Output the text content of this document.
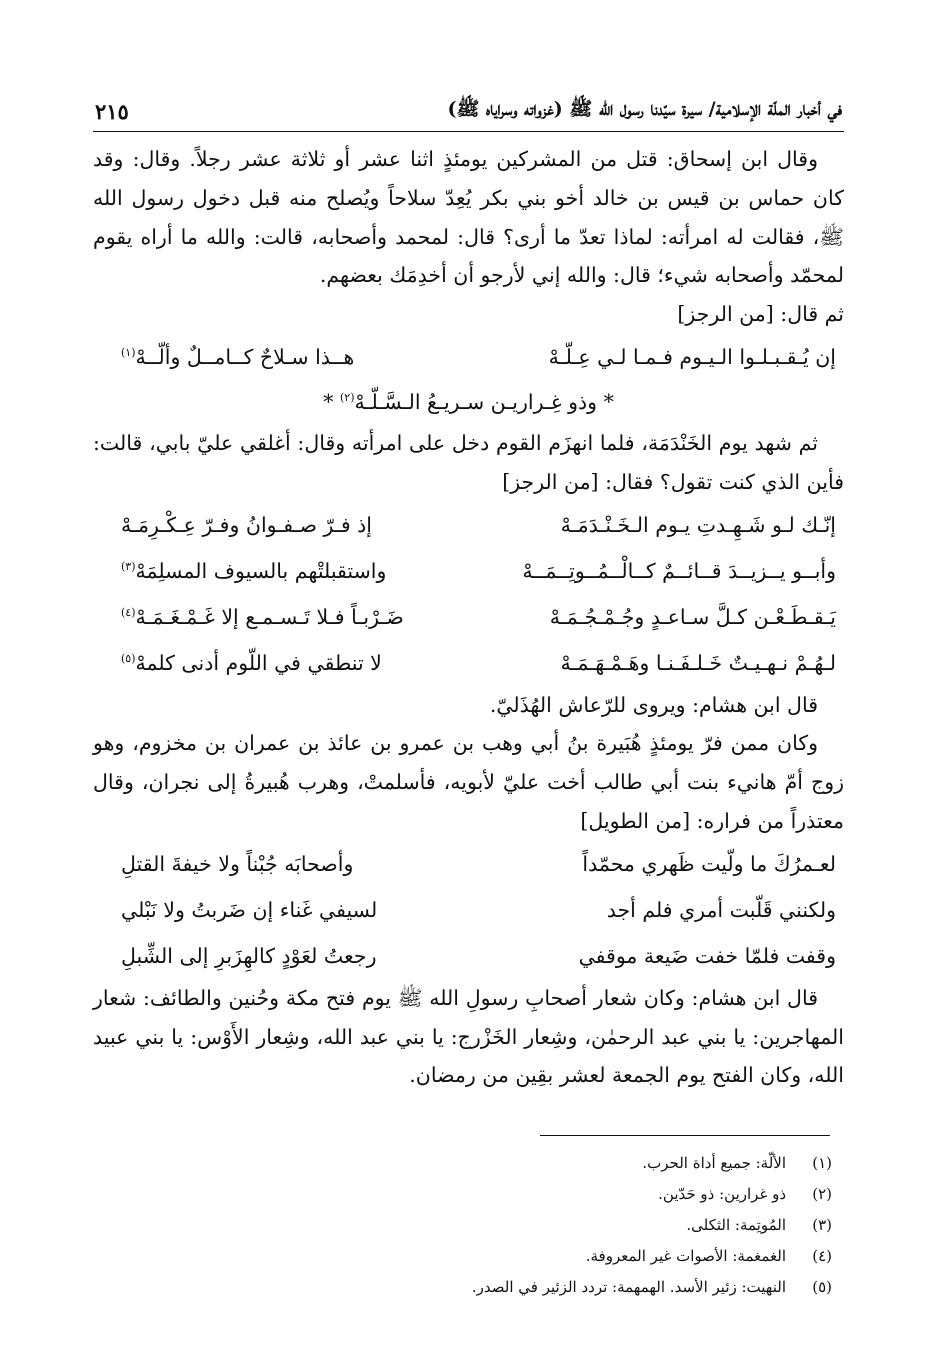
في أخبار الملّة الإسلامية/ سيرة سيّدنا رسول الله ﷺ (غزواته وسراياه ﷺ)
٢١٥

وقال ابن إسحاق: قتل من المشركين يومئذٍ اثنا عشر أو ثلاثة عشر رجلاً. وقال: وقد كان حماس بن قيس بن خالد أخو بني بكر يُعِدّ سلاحاً ويُصلح منه قبل دخول رسول الله ﷺ، فقالت له امرأته: لماذا تعدّ ما أرى؟ قال: لمحمد وأصحابه، قالت: والله ما أراه يقوم لمحمّد وأصحابه شيء؛ قال: والله إني لأرجو أن أخدِمَك بعضهم.

ثم قال: [من الرجز]

إن يُـقـبـلـوا الـيـوم فـمـا لـي عِـلّـهْ
هــذا سـلاحٌ كــامــلٌ وألّــهْ$^{(١)}$
* وذو غِـراريـن سـريـعُ الـسَّـلّـهْ$^{(٢)}$ *

ثم شهد يوم الخَنْدَمَة، فلما انهزَم القوم دخل على امرأته وقال: أغلقي عليّ بابي، قالت: فأين الذي كنت تقول؟ فقال: [من الرجز]

إنّـك لـو شَـهِـدتِ يـوم الـخَـنْـدَمَـهْ
إذ فـرّ صـفـوانُ وفـرّ عِـكْـرِمَـهْ
وأبــو يــزيــدَ قــائــمٌ كــالْــمُــوتِــمَــهْ
واستقبلتْهم بالسيوف المسلِمَهْ$^{(٣)}$
يَـقـطَـعْـن كـلَّ سـاعـدٍ وجُـمْـجُـمَـهْ
ضَـرْبـاً فـلا تَـسـمـع إلا غَـمْـغَـمَـهْ$^{(٤)}$
لـهُـمْ نـهـيـتٌ خَـلـفَـنـا وهَـمْـهَـمَـهْ
لا تنطقي في اللّوم أدنى كلمهْ$^{(٥)}$

قال ابن هشام: ويروى للرّعاش الهُذَليّ.

وكان ممن فرّ يومئذٍ هُبَيرة بنُ أبي وهب بن عمرو بن عائذ بن عمران بن مخزوم، وهو زوج أمّ هانيء بنت أبي طالب أخت عليّ لأبويه، فأسلمتْ، وهرب هُبيرةُ إلى نجران، وقال معتذراً من فراره: [من الطويل]

لعـمرُكَ ما ولّيت ظَهري محمّداً
وأصحابَه جُبْناً ولا خيفةَ القتلِ
ولكنني قَلّبت أمري فلم أجد
لسيفي غَناء إن ضَربتُ ولا نَبْلي
وقفت فلمّا خفت ضَيعة موقفي
رجعتُ لعَوْدٍ كالهِزَبرِ إلى الشِّبلِ

قال ابن هشام: وكان شعار أصحابِ رسولِ الله ﷺ يوم فتح مكة وحُنين والطائف: شعار المهاجرين: يا بني عبد الرحمٰن، وشِعار الخَزْرج: يا بني عبد الله، وشِعار الأَوْس: يا بني عبيد الله، وكان الفتح يوم الجمعة لعشر بقِين من رمضان.

(١)
الألّة: جميع أداة الحرب.
(٢)
ذو غرارين: ذو حَدّين.
(٣)
المُوتِمة: الثكلى.
(٤)
الغمغمة: الأصوات غير المعروفة.
(٥)
النهيت: زئير الأسد. الهمهمة: تردد الزئير في الصدر.
